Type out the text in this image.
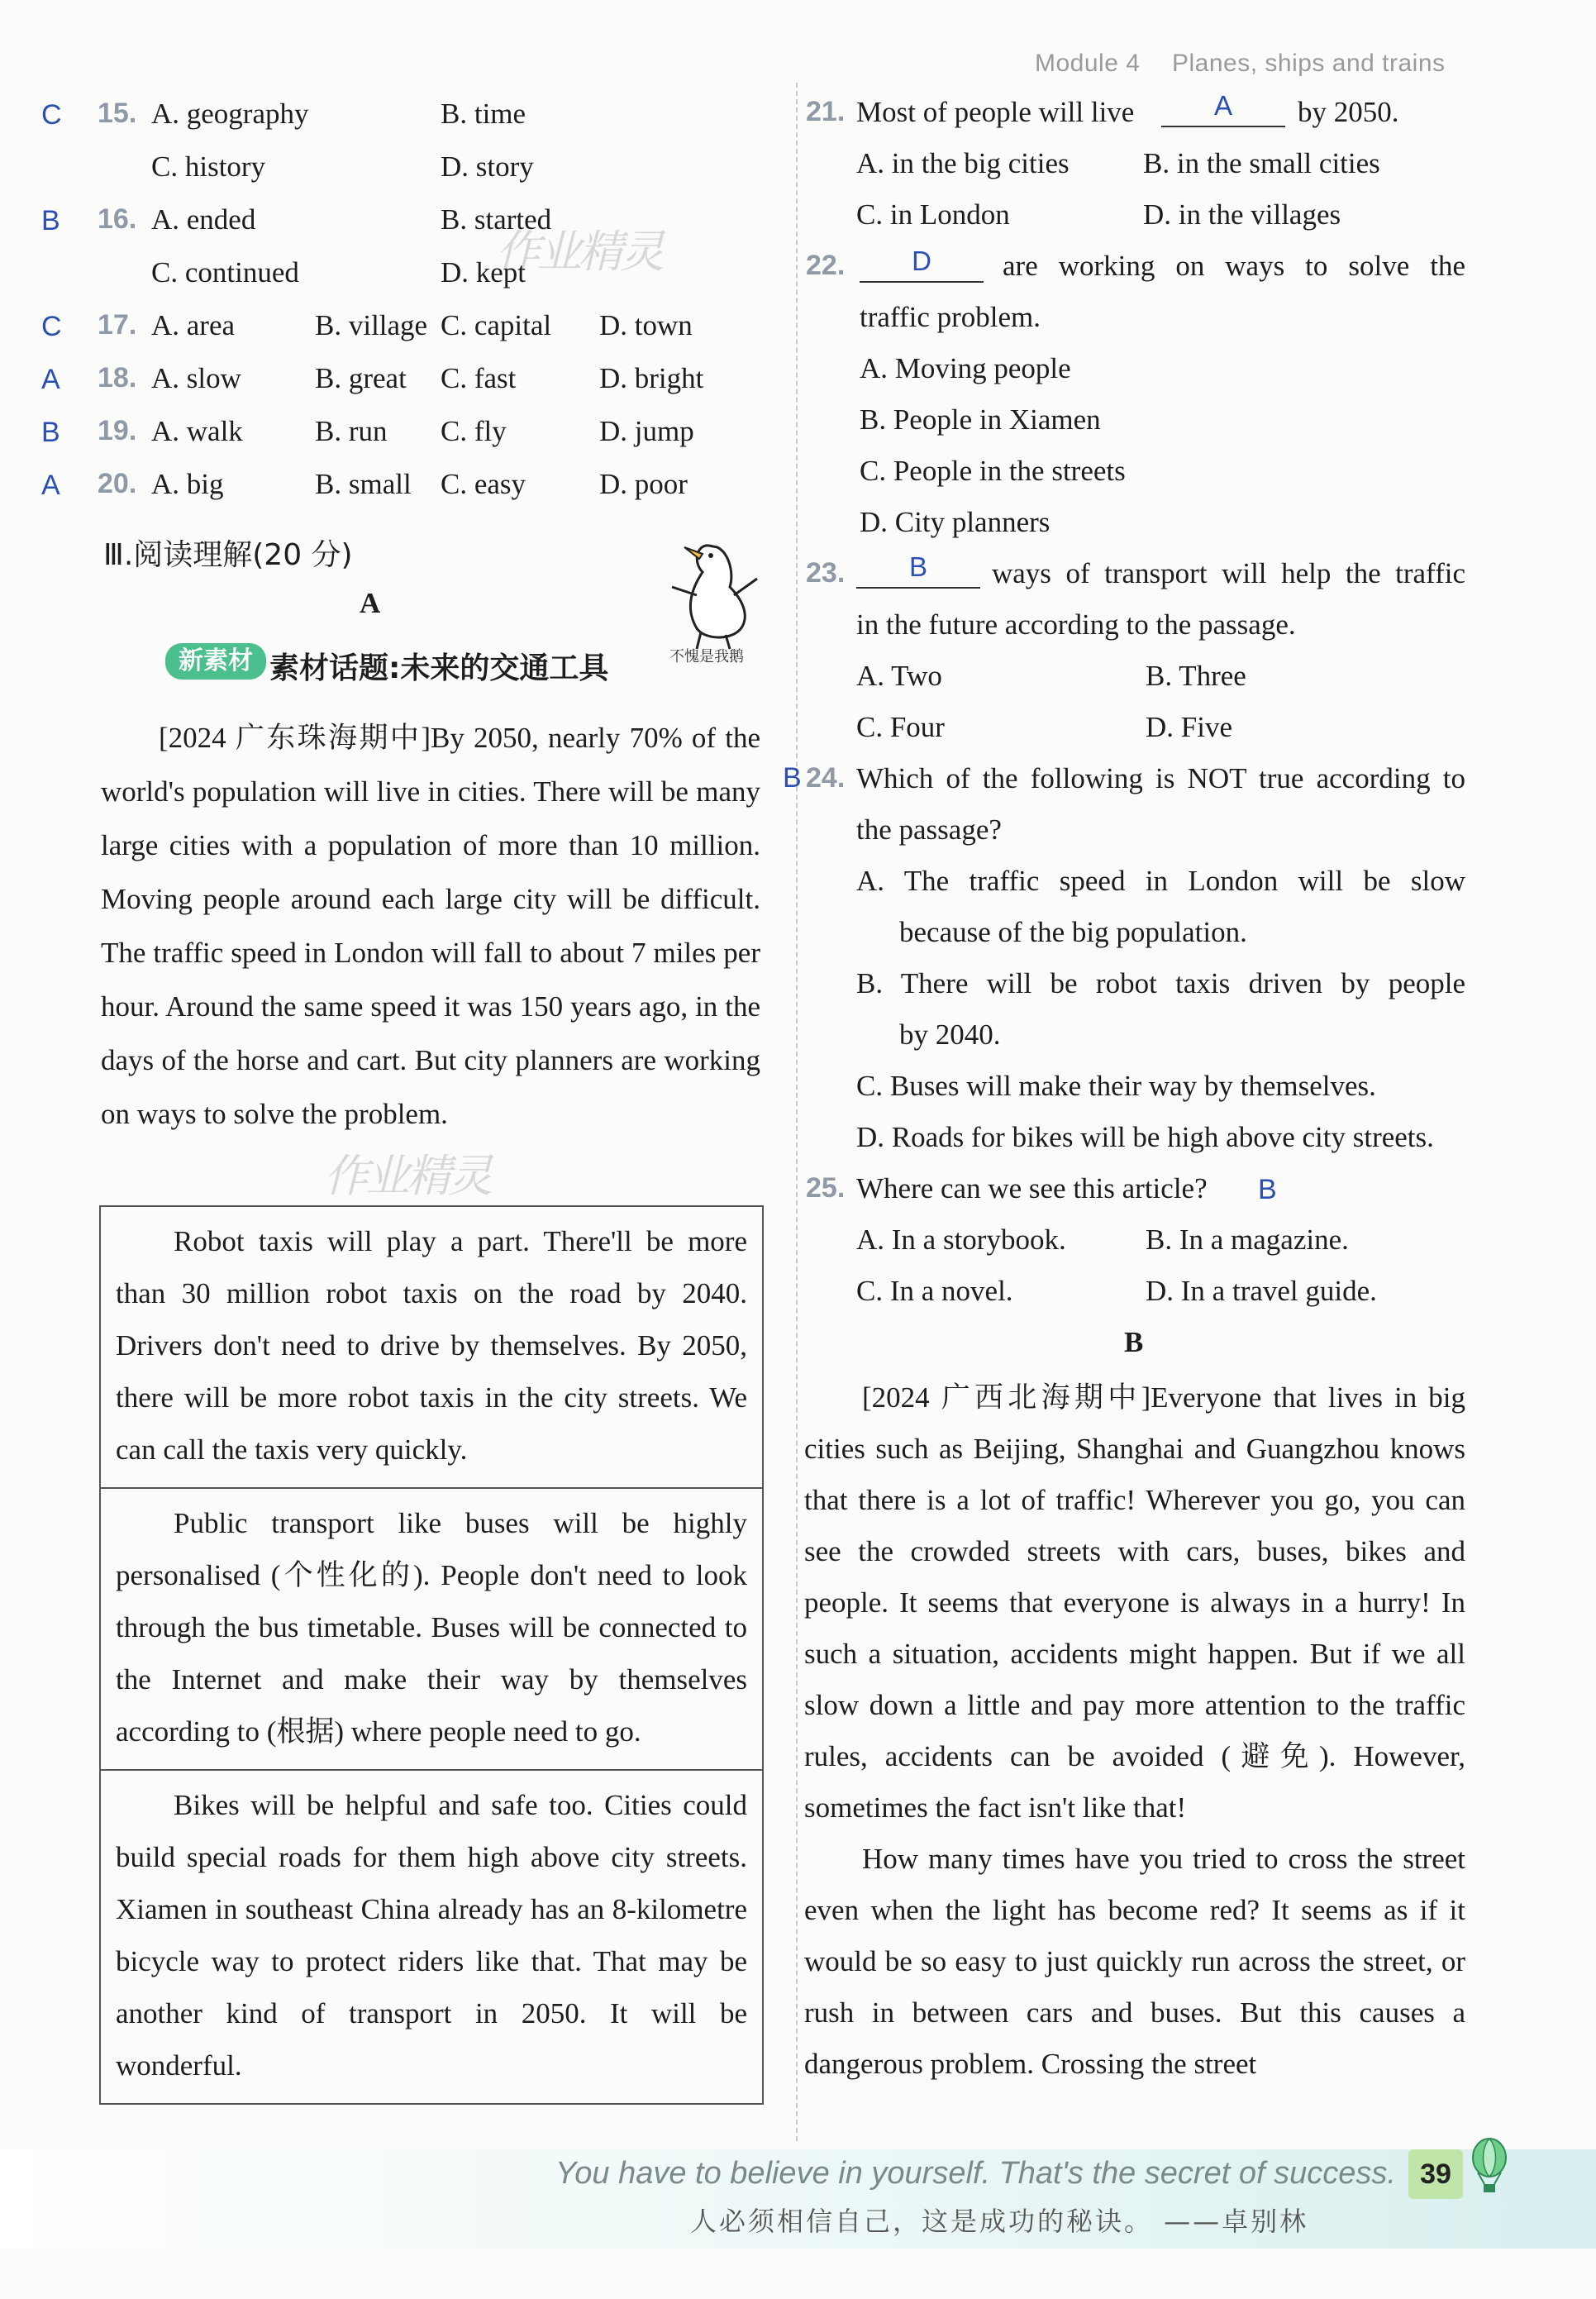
Module 4 Planes, ships and trains
作业精灵
作业精灵
C 15. A. geography	B. time
C. history	D. story
B 16. A. ended	B. started
C. continued	D. kept
C 17. A. area	B. village C. capital D. town
A 18. A. slow	B. great C. fast	D. bright
B 19. A. walk B. run C. fly	D. jump
A 20. A. big	B. small C. easy	D. poor
Ⅲ.阅读理解(20 分)
A
不愧是我鹅
新素材 素材话题:未来的交通工具

[2024 广东珠海期中]By 2050, nearly 70% of the world's population will live in cities. There will be many large cities with a population of more than 10 million. Moving people around each large city will be difficult. The traffic speed in London will fall to about 7 miles per hour. Around the same speed it was 150 years ago, in the days of the horse and cart. But city planners are working on ways to solve the problem.

Robot taxis will play a part. There'll be more than 30 million robot taxis on the road by 2040. Drivers don't need to drive by themselves. By 2050, there will be more robot taxis in the city streets. We can call the taxis very quickly.
Public transport like buses will be highly personalised (个性化的). People don't need to look through the bus timetable. Buses will be connected to the Internet and make their way by themselves according to (根据) where people need to go.
Bikes will be helpful and safe too. Cities could build special roads for them high above city streets. Xiamen in southeast China already has an 8-kilometre bicycle way to protect riders like that. That may be another kind of transport in 2050. It will be wonderful.
21. Most of people will live	A	by 2050.
A. in the big cities	B. in the small cities
C. in London	D. in the villages
22.	D	are working on ways to solve the
traffic problem.
A. Moving people
B. People in Xiamen
C. People in the streets
D. City planners
23.	B	ways of transport will help the traffic
in the future according to the passage.
A. Two	B. Three
C. Four	D. Five
B 24. Which of the following is NOT true according to
the passage?
A. The traffic speed in London will be slow
because of the big population.
B. There will be robot taxis driven by people
by 2040.
C. Buses will make their way by themselves.
D. Roads for bikes will be high above city streets.
25. Where can we see this article? B
A. In a storybook.	B. In a magazine.
C. In a novel.	D. In a travel guide.
B

[2024 广西北海期中]Everyone that lives in big cities such as Beijing, Shanghai and Guangzhou knows that there is a lot of traffic! Wherever you go, you can see the crowded streets with cars, buses, bikes and people. It seems that everyone is always in a hurry! In such a situation, accidents might happen. But if we all slow down a little and pay more attention to the traffic rules, accidents can be avoided (避免). However, sometimes the fact isn't like that!

How many times have you tried to cross the street even when the light has become red? It seems as if it would be so easy to just quickly run across the street, or rush in between cars and buses. But this causes a dangerous problem. Crossing the street

You have to believe in yourself. That's the secret of success.
人必须相信自己，这是成功的秘诀。 ——卓别林
39
